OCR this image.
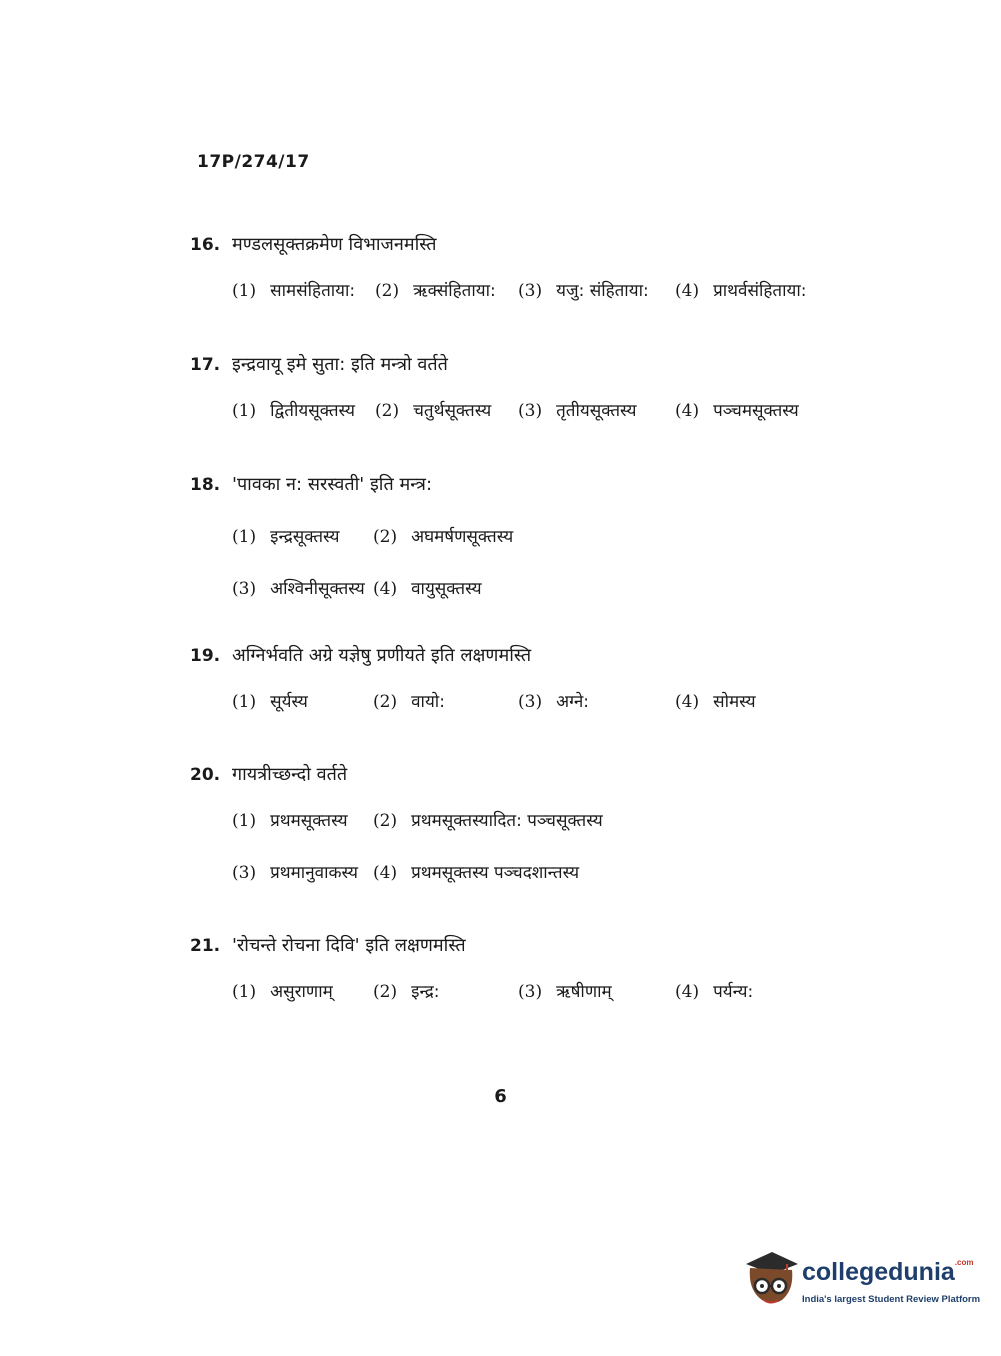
17P/274/17
16. मण्डलसूक्तक्रमेण विभाजनमस्ति
(1) सामसंहिताया: (2) ऋक्संहिताया: (3) यजु: संहिताया: (4) प्राथर्वसंहिताया:
17. इन्द्रवायू इमे सुता: इति मन्त्रो वर्तते
(1) द्वितीयसूक्तस्य (2) चतुर्थसूक्तस्य (3) तृतीयसूक्तस्य (4) पञ्चमसूक्तस्य
18. 'पावका न: सरस्वती' इति मन्त्र:
(1) इन्द्रसूक्तस्य (2) अघमर्षणसूक्तस्य
(3) अश्विनीसूक्तस्य (4) वायुसूक्तस्य
19. अग्निर्भवति अग्रे यज्ञेषु प्रणीयते इति लक्षणमस्ति
(1) सूर्यस्य	(2) वायो:	(3) अग्ने:	(4) सोमस्य
20. गायत्रीच्छन्दो वर्तते
(1) प्रथमसूक्तस्य (2) प्रथमसूक्तस्यादित: पञ्चसूक्तस्य
(3) प्रथमानुवाकस्य (4) प्रथमसूक्तस्य पञ्चदशान्तस्य
21. 'रोचन्ते रोचना दिवि' इति लक्षणमस्ति
(1) असुराणाम् (2) इन्द्र:	(3) ऋषीणाम्	(4) पर्यन्य:
6
collegedunia$^{.com}$
India's largest Student Review Platform
